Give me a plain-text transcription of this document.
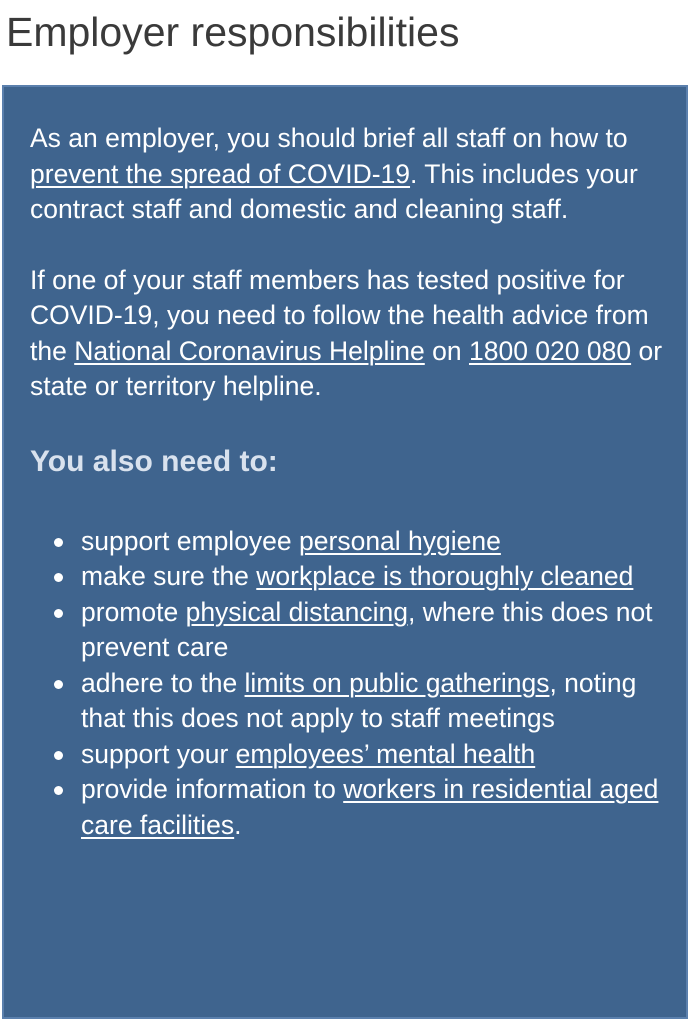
Employer responsibilities

As an employer, you should brief all staff on how to prevent the spread of COVID-19. This includes your contract staff and domestic and cleaning staff.

If one of your staff members has tested positive for COVID-19, you need to follow the health advice from the National Coronavirus Helpline on 1800 020 080 or state or territory helpline.

You also need to:
support employee personal hygiene
make sure the workplace is thoroughly cleaned
promote physical distancing, where this does not prevent care
adhere to the limits on public gatherings, noting that this does not apply to staff meetings
support your employees’ mental health
provide information to workers in residential aged care facilities.
